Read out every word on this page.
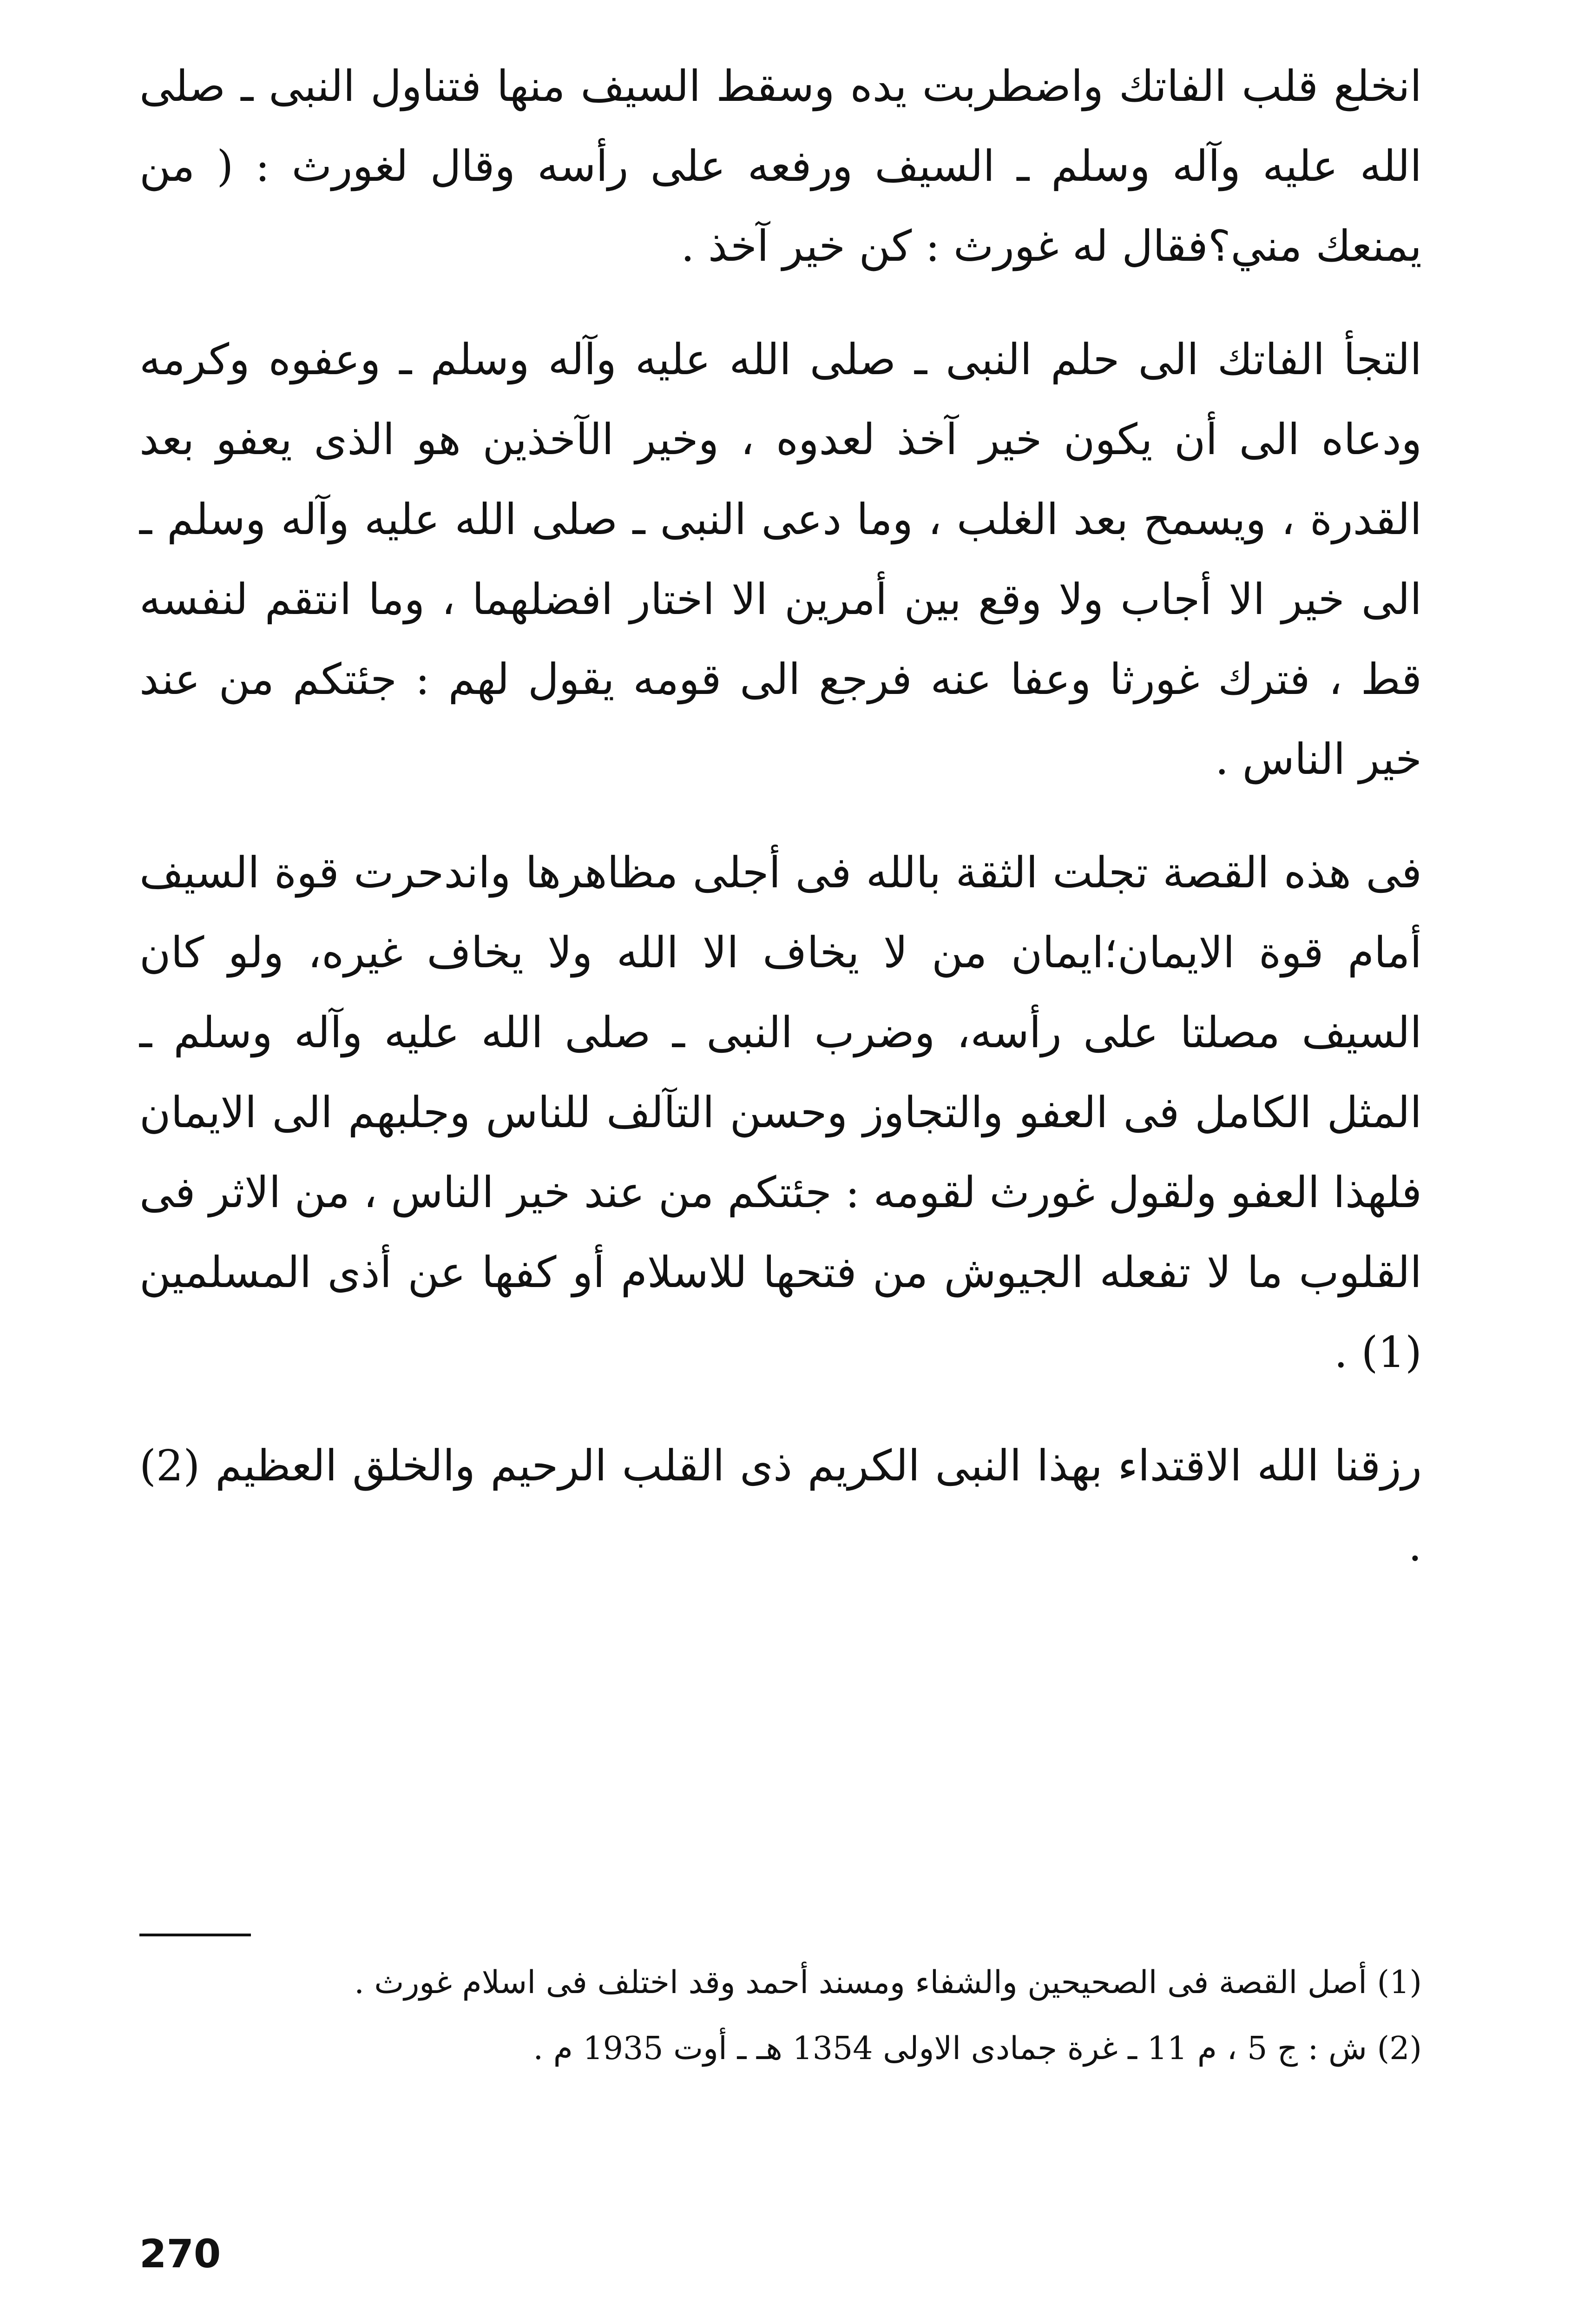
انخلع قلب الفاتك واضطربت يده وسقط السيف منها فتناول النبى ـ صلى الله عليه وآله وسلم ـ السيف ورفعه على رأسه وقال لغورث : ( من يمنعك مني؟فقال له غورث : كن خير آخذ .

التجأ الفاتك الى حلم النبى ـ صلى الله عليه وآله وسلم ـ وعفوه وكرمه ودعاه الى أن يكون خير آخذ لعدوه ، وخير الآخذين هو الذى يعفو بعد القدرة ، ويسمح بعد الغلب ، وما دعى النبى ـ صلى الله عليه وآله وسلم ـ الى خير الا أجاب ولا وقع بين أمرين الا اختار افضلهما ، وما انتقم لنفسه قط ، فترك غورثا وعفا عنه فرجع الى قومه يقول لهم : جئتكم من عند خير الناس .

فى هذه القصة تجلت الثقة بالله فى أجلى مظاهرها واندحرت قوة السيف أمام قوة الايمان؛ايمان من لا يخاف الا الله ولا يخاف غيره، ولو كان السيف مصلتا على رأسه، وضرب النبى ـ صلى الله عليه وآله وسلم ـ المثل الكامل فى العفو والتجاوز وحسن التآلف للناس وجلبهم الى الايمان فلهذا العفو ولقول غورث لقومه : جئتكم من عند خير الناس ، من الاثر فى القلوب ما لا تفعله الجيوش من فتحها للاسلام أو كفها عن أذى المسلمين (1) .

رزقنا الله الاقتداء بهذا النبى الكريم ذى القلب الرحيم والخلق العظيم (2) .

(1) أصل القصة فى الصحيحين والشفاء ومسند أحمد وقد اختلف فى اسلام غورث .

(2) ش : ج 5 ، م 11 ـ غرة جمادى الاولى 1354 هـ ـ أوت 1935 م .

270
